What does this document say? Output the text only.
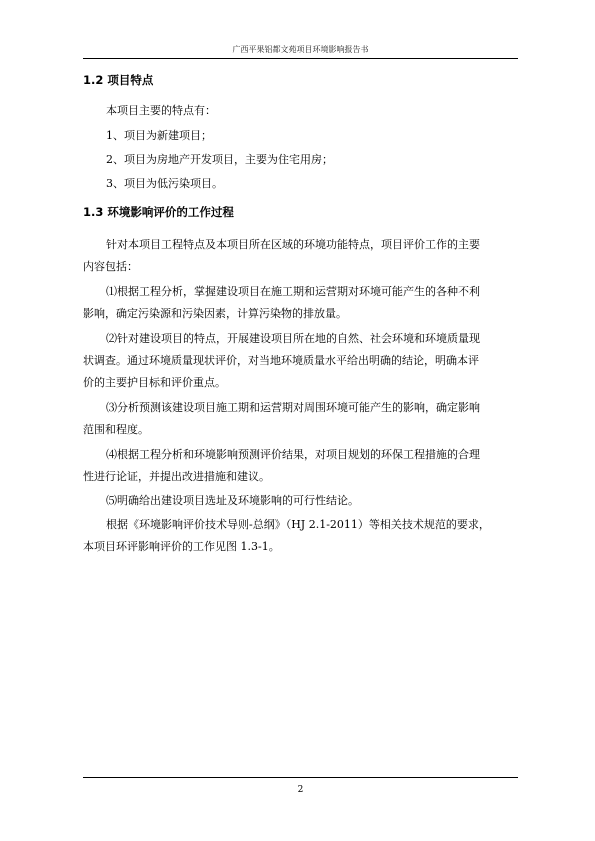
广西平果铝都文苑项目环境影响报告书
1.2 项目特点
本项目主要的特点有：
1、项目为新建项目；
2、项目为房地产开发项目，主要为住宅用房；
3、项目为低污染项目。
1.3 环境影响评价的工作过程
针对本项目工程特点及本项目所在区域的环境功能特点，项目评价工作的主要
内容包括：
⑴根据工程分析，掌握建设项目在施工期和运营期对环境可能产生的各种不利
影响，确定污染源和污染因素，计算污染物的排放量。
⑵针对建设项目的特点，开展建设项目所在地的自然、社会环境和环境质量现
状调查。通过环境质量现状评价，对当地环境质量水平给出明确的结论，明确本评
价的主要护目标和评价重点。
⑶分析预测该建设项目施工期和运营期对周围环境可能产生的影响，确定影响
范围和程度。
⑷根据工程分析和环境影响预测评价结果，对项目规划的环保工程措施的合理
性进行论证，并提出改进措施和建议。
⑸明确给出建设项目选址及环境影响的可行性结论。
根据《环境影响评价技术导则-总纲》（HJ 2.1-2011）等相关技术规范的要求，
本项目环评影响评价的工作见图 1.3-1。
2
